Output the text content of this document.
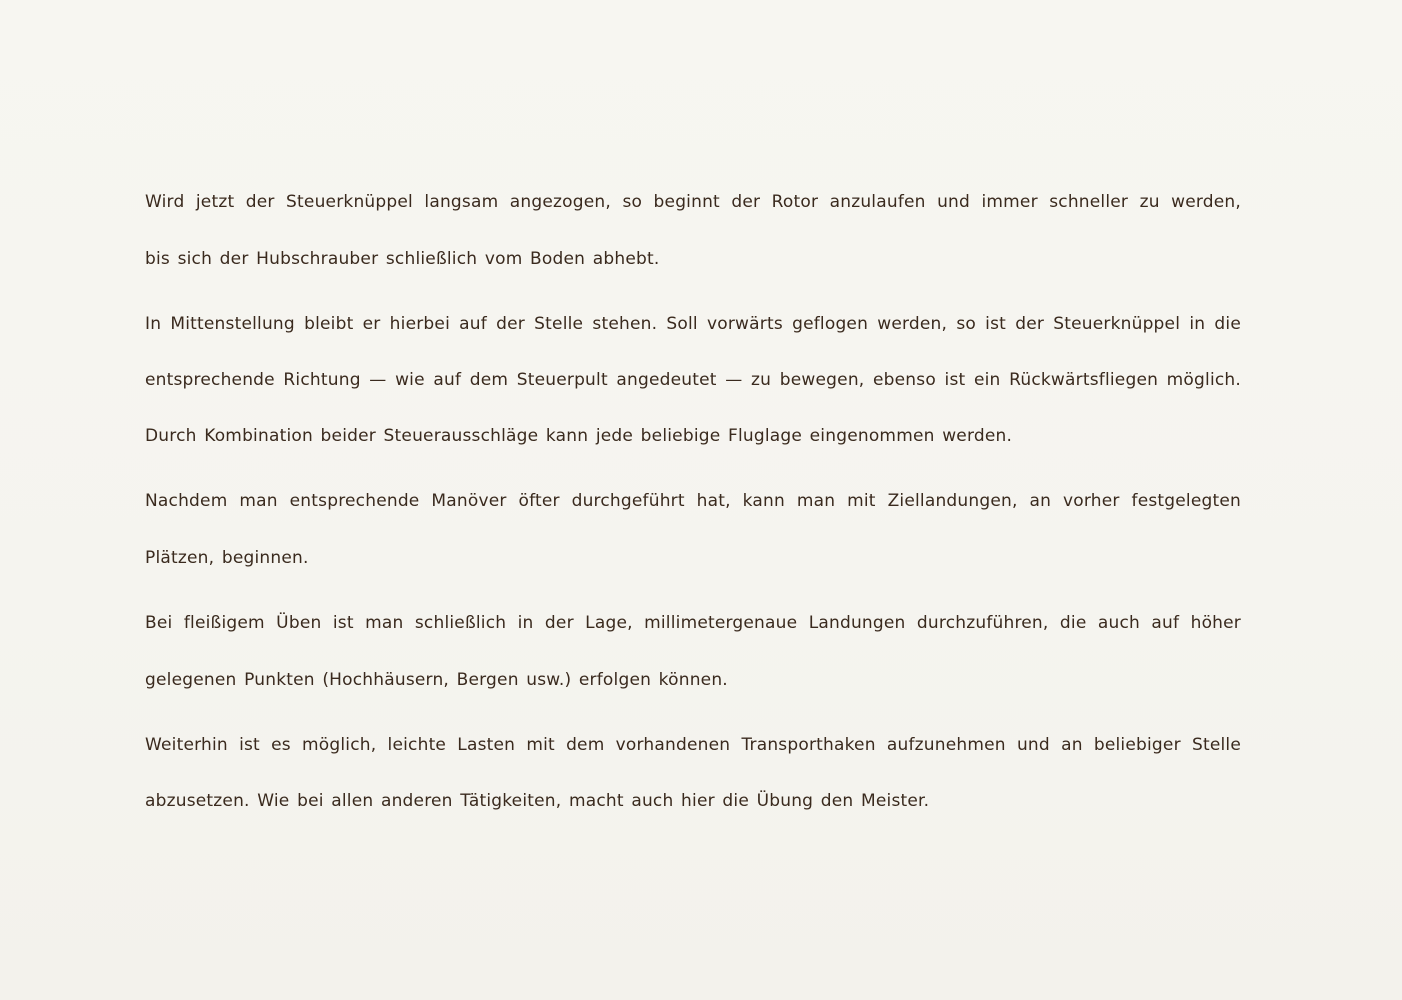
Wird jetzt der Steuerknüppel langsam angezogen, so beginnt der Rotor anzulaufen und immer schneller zu werden,
bis sich der Hubschrauber schließlich vom Boden abhebt.
In Mittenstellung bleibt er hierbei auf der Stelle stehen. Soll vorwärts geflogen werden, so ist der Steuerknüppel in die
entsprechende Richtung — wie auf dem Steuerpult angedeutet — zu bewegen, ebenso ist ein Rückwärtsfliegen möglich.
Durch Kombination beider Steuerausschläge kann jede beliebige Fluglage eingenommen werden.
Nachdem man entsprechende Manöver öfter durchgeführt hat, kann man mit Ziellandungen, an vorher festgelegten
Plätzen, beginnen.
Bei fleißigem Üben ist man schließlich in der Lage, millimetergenaue Landungen durchzuführen, die auch auf höher
gelegenen Punkten (Hochhäusern, Bergen usw.) erfolgen können.
Weiterhin ist es möglich, leichte Lasten mit dem vorhandenen Transporthaken aufzunehmen und an beliebiger Stelle
abzusetzen. Wie bei allen anderen Tätigkeiten, macht auch hier die Übung den Meister.
